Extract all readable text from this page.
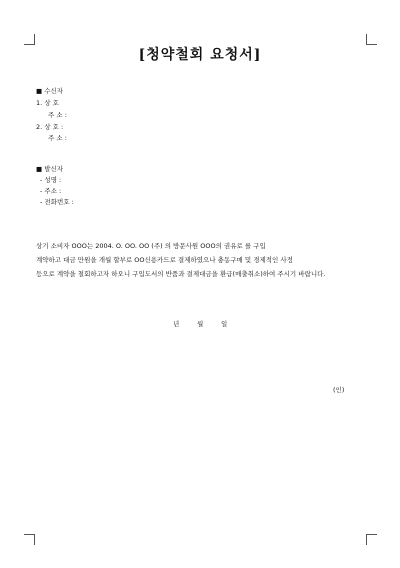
[청약철회 요청서]
■ 수신자
1. 상 호
주 소 :
2. 상 호 :
주 소 :
■ 발신자
- 성명 :
- 주소 :
- 전화번호 :
상기 소비자 OOO는 2004. O. OO. OO (주) 의 방문사원 OOO의 권유로 를 구입
계약하고 대금 만원을 개월 할부로 OO신용카드로 결제하였으나 충동구매 및 경제적인 사정
등으로 계약을 철회하고자 하오니 구입도서의 반품과 결제대금을 환급(매출취소)하여 주시기 바랍니다.
년	월	일
(인)
